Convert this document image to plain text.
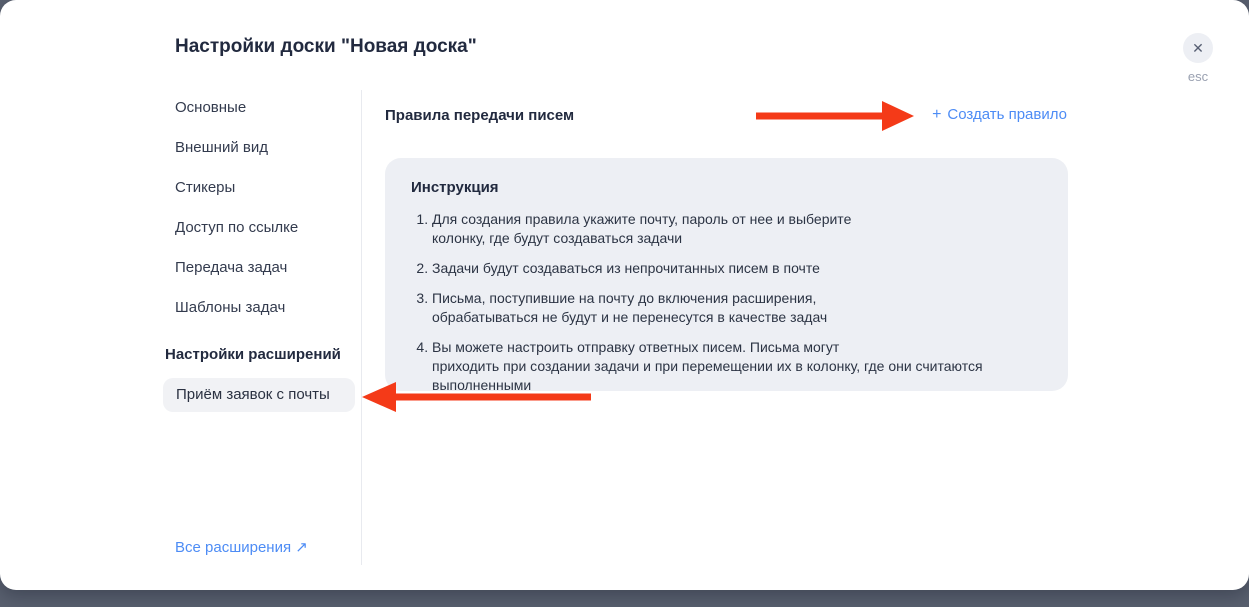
Настройки доски "Новая доска"	✕
esc
Основные
Внешний вид
Стикеры
Доступ по ссылке
Передача задач
Шаблоны задач
Настройки расширений
Приём заявок с почты
Все расширения ↗
Правила передачи писем	+ Создать правило
Инструкция
1. Для создания правила укажите почту, пароль от нее и выберите
колонку, где будут создаваться задачи
2. Задачи будут создаваться из непрочитанных писем в почте
3. Письма, поступившие на почту до включения расширения,
обрабатываться не будут и не перенесутся в качестве задач
4. Вы можете настроить отправку ответных писем. Письма могут
приходить при создании задачи и при перемещении их в колонку, где они считаются
выполненными
